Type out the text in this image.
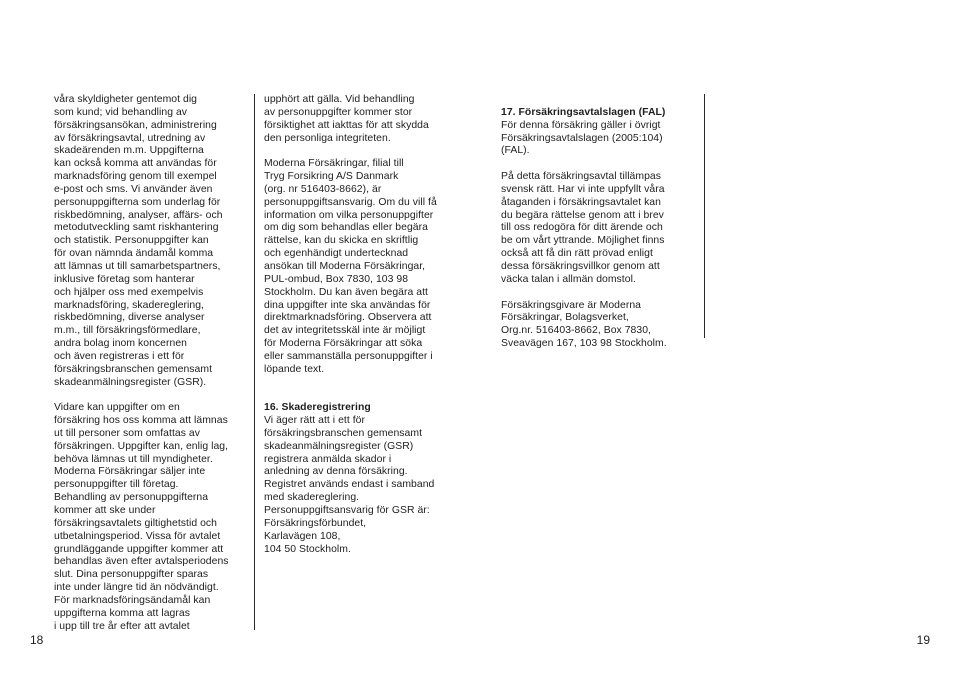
våra skyldigheter gentemot dig
som kund; vid behandling av
försäkringsansökan, administrering
av försäkringsavtal, utredning av
skadeärenden m.m. Uppgifterna
kan också komma att användas för
marknadsföring genom till exempel
e-post och sms. Vi använder även
personuppgifterna som underlag för
riskbedömning, analyser, affärs- och
metodutveckling samt riskhantering
och statistik. Personuppgifter kan
för ovan nämnda ändamål komma
att lämnas ut till samarbetspartners,
inklusive företag som hanterar
och hjälper oss med exempelvis
marknadsföring, skadereglering,
riskbedömning, diverse analyser
m.m., till försäkringsförmedlare,
andra bolag inom koncernen
och även registreras i ett för
försäkringsbranschen gemensamt
skadeanmälningsregister (GSR).

Vidare kan uppgifter om en
försäkring hos oss komma att lämnas
ut till personer som omfattas av
försäkringen. Uppgifter kan, enlig lag,
behöva lämnas ut till myndigheter.
Moderna Försäkringar säljer inte
personuppgifter till företag.
Behandling av personuppgifterna
kommer att ske under
försäkringsavtalets giltighetstid och
utbetalningsperiod. Vissa för avtalet
grundläggande uppgifter kommer att
behandlas även efter avtalsperiodens
slut. Dina personuppgifter sparas
inte under längre tid än nödvändigt.
För marknadsföringsändamål kan
uppgifterna komma att lagras
i upp till tre år efter att avtalet

upphört att gälla. Vid behandling
av personuppgifter kommer stor
försiktighet att iakttas för att skydda
den personliga integriteten.

Moderna Försäkringar, filial till
Tryg Forsikring A/S Danmark
(org. nr 516403-8662), är
personuppgiftsansvarig. Om du vill få
information om vilka personuppgifter
om dig som behandlas eller begära
rättelse, kan du skicka en skriftlig
och egenhändigt undertecknad
ansökan till Moderna Försäkringar,
PUL-ombud, Box 7830, 103 98
Stockholm. Du kan även begära att
dina uppgifter inte ska användas för
direktmarknadsföring. Observera att
det av integritetsskäl inte är möjligt
för Moderna Försäkringar att söka
eller sammanställa personuppgifter i
löpande text.

16. Skaderegistrering
Vi äger rätt att i ett för
försäkringsbranschen gemensamt
skadeanmälningsregister (GSR)
registrera anmälda skador i
anledning av denna försäkring.
Registret används endast i samband
med skadereglering.
Personuppgiftsansvarig för GSR är:
Försäkringsförbundet,
Karlavägen 108,
104 50 Stockholm.

18

17. Försäkringsavtalslagen (FAL)
För denna försäkring gäller i övrigt
Försäkringsavtalslagen (2005:104)
(FAL).

På detta försäkringsavtal tillämpas
svensk rätt. Har vi inte uppfyllt våra
åtaganden i försäkringsavtalet kan
du begära rättelse genom att i brev
till oss redogöra för ditt ärende och
be om vårt yttrande. Möjlighet finns
också att få din rätt prövad enligt
dessa försäkringsvillkor genom att
väcka talan i allmän domstol.

Försäkringsgivare är Moderna
Försäkringar, Bolagsverket,
Org.nr. 516403-8662, Box 7830,
Sveavägen 167, 103 98 Stockholm.

19
